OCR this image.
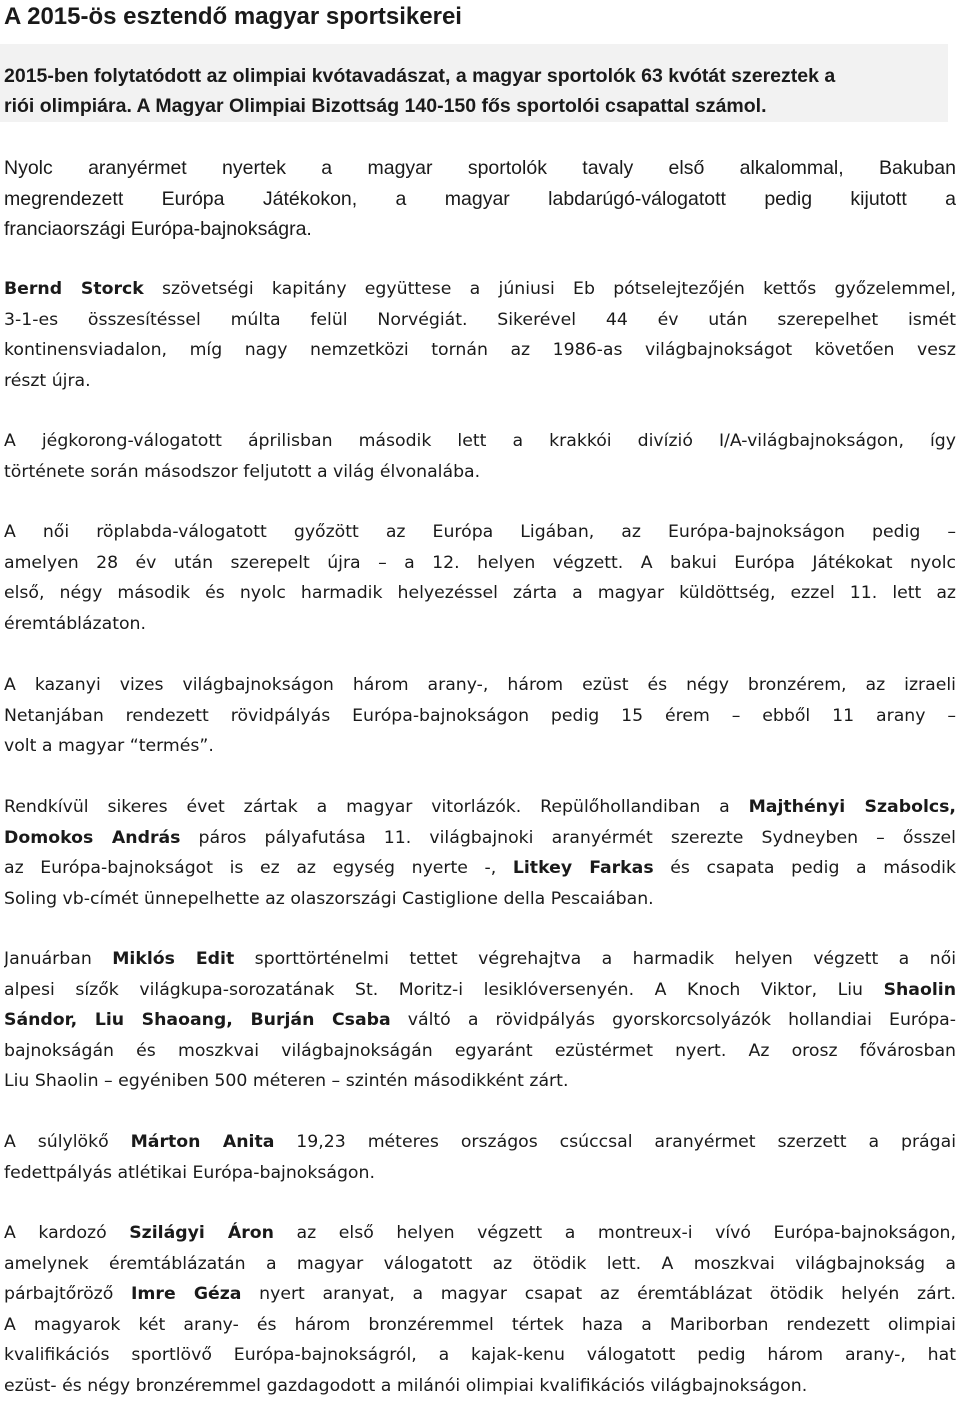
A 2015-ös esztendő magyar sportsikerei

2015-ben folytatódott az olimpiai kvótavadászat, a magyar sportolók 63 kvótát szereztek a
riói olimpiára. A Magyar Olimpiai Bizottság 140-150 fős sportolói csapattal számol.

Nyolc aranyérmet nyertek a magyar sportolók tavaly első alkalommal, Bakuban
megrendezett Európa Játékokon, a magyar labdarúgó-válogatott pedig kijutott a
franciaországi Európa-bajnokságra.

Bernd Storck szövetségi kapitány együttese a júniusi Eb pótselejtezőjén kettős győzelemmel,
3-1-es összesítéssel múlta felül Norvégiát. Sikerével 44 év után szerepelhet ismét
kontinensviadalon, míg nagy nemzetközi tornán az 1986-as világbajnokságot követően vesz
részt újra.

A jégkorong-válogatott áprilisban második lett a krakkói divízió I/A-világbajnokságon, így
története során másodszor feljutott a világ élvonalába.

A női röplabda-válogatott győzött az Európa Ligában, az Európa-bajnokságon pedig –
amelyen 28 év után szerepelt újra – a 12. helyen végzett. A bakui Európa Játékokat nyolc
első, négy második és nyolc harmadik helyezéssel zárta a magyar küldöttség, ezzel 11. lett az
éremtáblázaton.

A kazanyi vizes világbajnokságon három arany-, három ezüst és négy bronzérem, az izraeli
Netanjában rendezett rövidpályás Európa-bajnokságon pedig 15 érem – ebből 11 arany –
volt a magyar “termés”.

Rendkívül sikeres évet zártak a magyar vitorlázók. Repülőhollandiban a Majthényi Szabolcs,
Domokos András páros pályafutása 11. világbajnoki aranyérmét szerezte Sydneyben – ősszel
az Európa-bajnokságot is ez az egység nyerte -, Litkey Farkas és csapata pedig a második
Soling vb-címét ünnepelhette az olaszországi Castiglione della Pescaiában.

Januárban Miklós Edit sporttörténelmi tettet végrehajtva a harmadik helyen végzett a női
alpesi sízők világkupa-sorozatának St. Moritz-i lesiklóversenyén. A Knoch Viktor, Liu Shaolin
Sándor, Liu Shaoang, Burján Csaba váltó a rövidpályás gyorskorcsolyázók hollandiai Európa-
bajnokságán és moszkvai világbajnokságán egyaránt ezüstérmet nyert. Az orosz fővárosban
Liu Shaolin – egyéniben 500 méteren – szintén másodikként zárt.

A súlylökő Márton Anita 19,23 méteres országos csúccsal aranyérmet szerzett a prágai
fedettpályás atlétikai Európa-bajnokságon.

A kardozó Szilágyi Áron az első helyen végzett a montreux-i vívó Európa-bajnokságon,
amelynek éremtáblázatán a magyar válogatott az ötödik lett. A moszkvai világbajnokság a
párbajtőröző Imre Géza nyert aranyat, a magyar csapat az éremtáblázat ötödik helyén zárt.
A magyarok két arany- és három bronzéremmel tértek haza a Mariborban rendezett olimpiai
kvalifikációs sportlövő Európa-bajnokságról, a kajak-kenu válogatott pedig három arany-, hat
ezüst- és négy bronzéremmel gazdagodott a milánói olimpiai kvalifikációs világbajnokságon.
